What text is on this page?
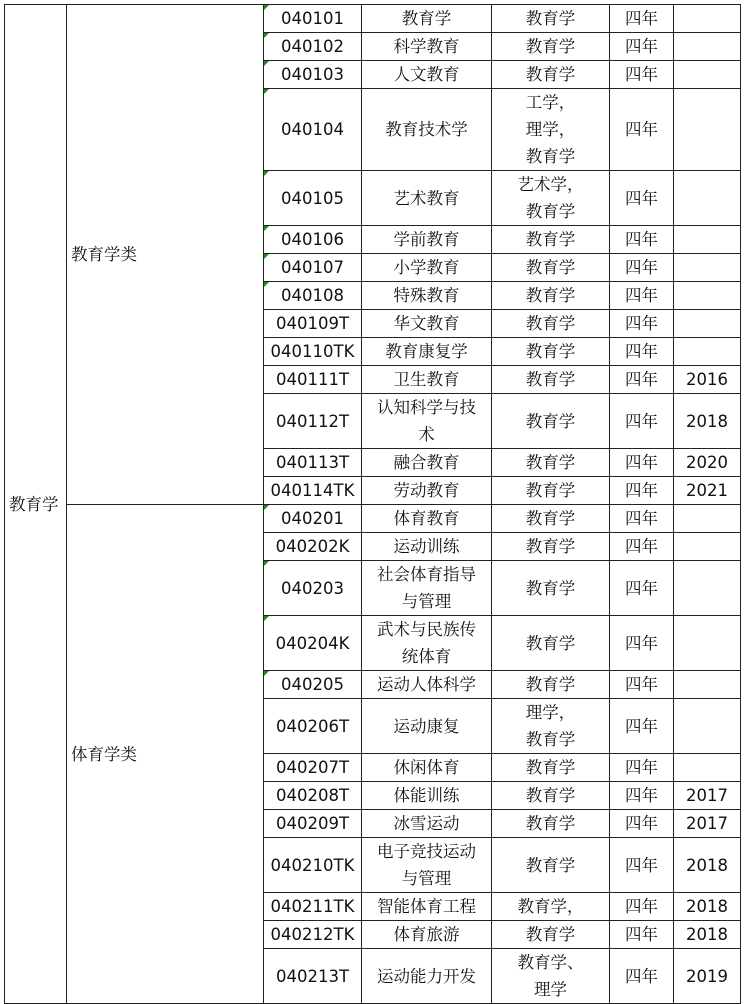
教育学	教育学类	040101	教育学	教育学	四年	
		040102	科学教育	教育学	四年	
		040103	人文教育	教育学	四年	
		040104	教育技术学	工学，
理学，
教育学	四年	
		040105	艺术教育	艺术学，
教育学	四年	
		040106	学前教育	教育学	四年	
		040107	小学教育	教育学	四年	
		040108	特殊教育	教育学	四年	
		040109T	华文教育	教育学	四年	
		040110TK	教育康复学	教育学	四年	
		040111T	卫生教育	教育学	四年	2016
		040112T	认知科学与技
术	教育学	四年	2018
		040113T	融合教育	教育学	四年	2020
		040114TK	劳动教育	教育学	四年	2021
	体育学类	040201	体育教育	教育学	四年	
		040202K	运动训练	教育学	四年	
		040203	社会体育指导
与管理	教育学	四年	
		040204K	武术与民族传
统体育	教育学	四年	
		040205	运动人体科学	教育学	四年	
		040206T	运动康复	理学，
教育学	四年	
		040207T	休闲体育	教育学	四年	
		040208T	体能训练	教育学	四年	2017
		040209T	冰雪运动	教育学	四年	2017
		040210TK	电子竞技运动
与管理	教育学	四年	2018
		040211TK	智能体育工程	教育学，	四年	2018
		040212TK	体育旅游	教育学	四年	2018
		040213T	运动能力开发	教育学、
理学	四年	2019
